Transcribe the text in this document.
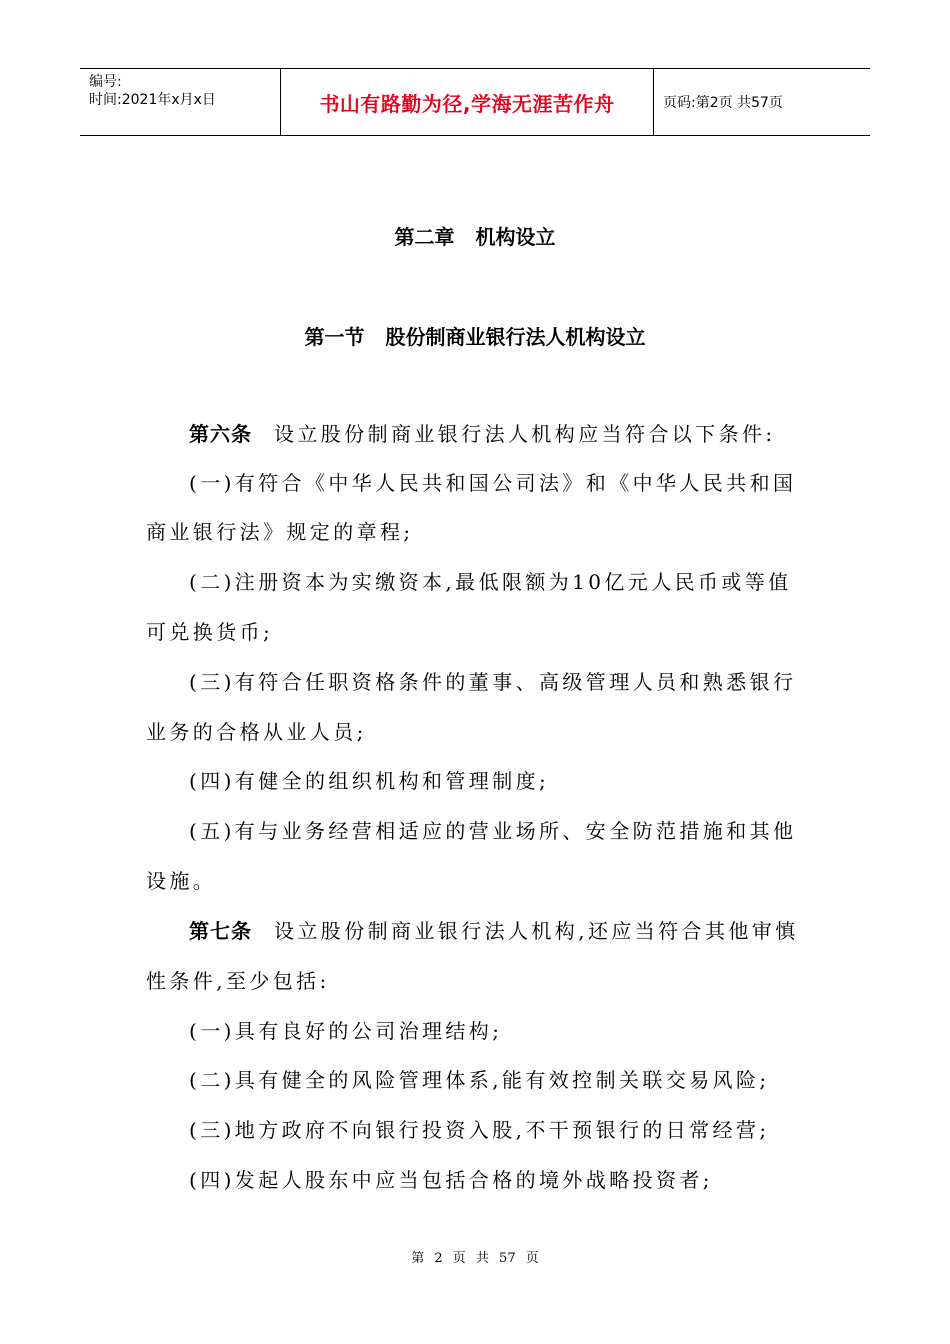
编号:
时间:2021年x月x日	书山有路勤为径,学海无涯苦作舟	页码:第2页 共57页
第二章 机构设立
第一节 股份制商业银行法人机构设立
第六条 设立股份制商业银行法人机构应当符合以下条件:
(一)有符合《中华人民共和国公司法》和《中华人民共和国
商业银行法》规定的章程;
(二)注册资本为实缴资本,最低限额为10亿元人民币或等值
可兑换货币;
(三)有符合任职资格条件的董事、高级管理人员和熟悉银行
业务的合格从业人员;
(四)有健全的组织机构和管理制度;
(五)有与业务经营相适应的营业场所、安全防范措施和其他
设施。
第七条 设立股份制商业银行法人机构,还应当符合其他审慎
性条件,至少包括:
(一)具有良好的公司治理结构;
(二)具有健全的风险管理体系,能有效控制关联交易风险;
(三)地方政府不向银行投资入股,不干预银行的日常经营;
(四)发起人股东中应当包括合格的境外战略投资者;
第 2 页 共 57 页
